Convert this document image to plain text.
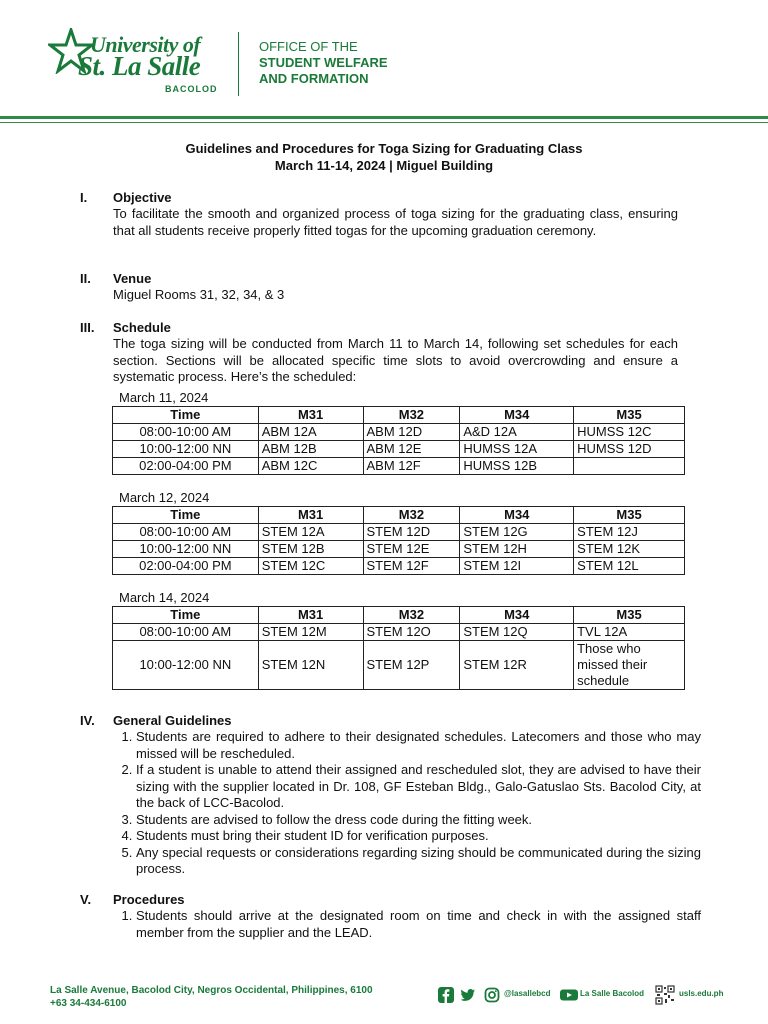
University of
St. La Salle
BACOLOD
OFFICE OF THE
STUDENT WELFARE
AND FORMATION
Guidelines and Procedures for Toga Sizing for Graduating Class
March 11-14, 2024 | Miguel Building
I.	Objective
To facilitate the smooth and organized process of toga sizing for the graduating class, ensuring that all students receive properly fitted togas for the upcoming graduation ceremony.
II.	Venue
Miguel Rooms 31, 32, 34, & 3
III.	Schedule
The toga sizing will be conducted from March 11 to March 14, following set schedules for each section. Sections will be allocated specific time slots to avoid overcrowding and ensure a systematic process. Here’s the scheduled:
March 11, 2024
Time	M31	M32	M34	M35
08:00-10:00 AM	ABM 12A	ABM 12D	A&D 12A	HUMSS 12C
10:00-12:00 NN	ABM 12B	ABM 12E	HUMSS 12A	HUMSS 12D
02:00-04:00 PM	ABM 12C	ABM 12F	HUMSS 12B	
March 12, 2024
Time	M31	M32	M34	M35
08:00-10:00 AM	STEM 12A	STEM 12D	STEM 12G	STEM 12J
10:00-12:00 NN	STEM 12B	STEM 12E	STEM 12H	STEM 12K
02:00-04:00 PM	STEM 12C	STEM 12F	STEM 12I	STEM 12L
March 14, 2024
Time	M31	M32	M34	M35
08:00-10:00 AM	STEM 12M	STEM 12O	STEM 12Q	TVL 12A
10:00-12:00 NN	STEM 12N	STEM 12P	STEM 12R	Those who missed their schedule
IV.	General Guidelines
1. Students are required to adhere to their designated schedules. Latecomers and those who may missed will be rescheduled.
2. If a student is unable to attend their assigned and rescheduled slot, they are advised to have their sizing with the supplier located in Dr. 108, GF Esteban Bldg., Galo-Gatuslao Sts. Bacolod City, at the back of LCC-Bacolod.
3. Students are advised to follow the dress code during the fitting week.
4. Students must bring their student ID for verification purposes.
5. Any special requests or considerations regarding sizing should be communicated during the sizing process.
V.	Procedures
1. Students should arrive at the designated room on time and check in with the assigned staff member from the supplier and the LEAD.
La Salle Avenue, Bacolod City, Negros Occidental, Philippines, 6100
+63 34-434-6100
@lasallebcd	La Salle Bacolod	usls.edu.ph
